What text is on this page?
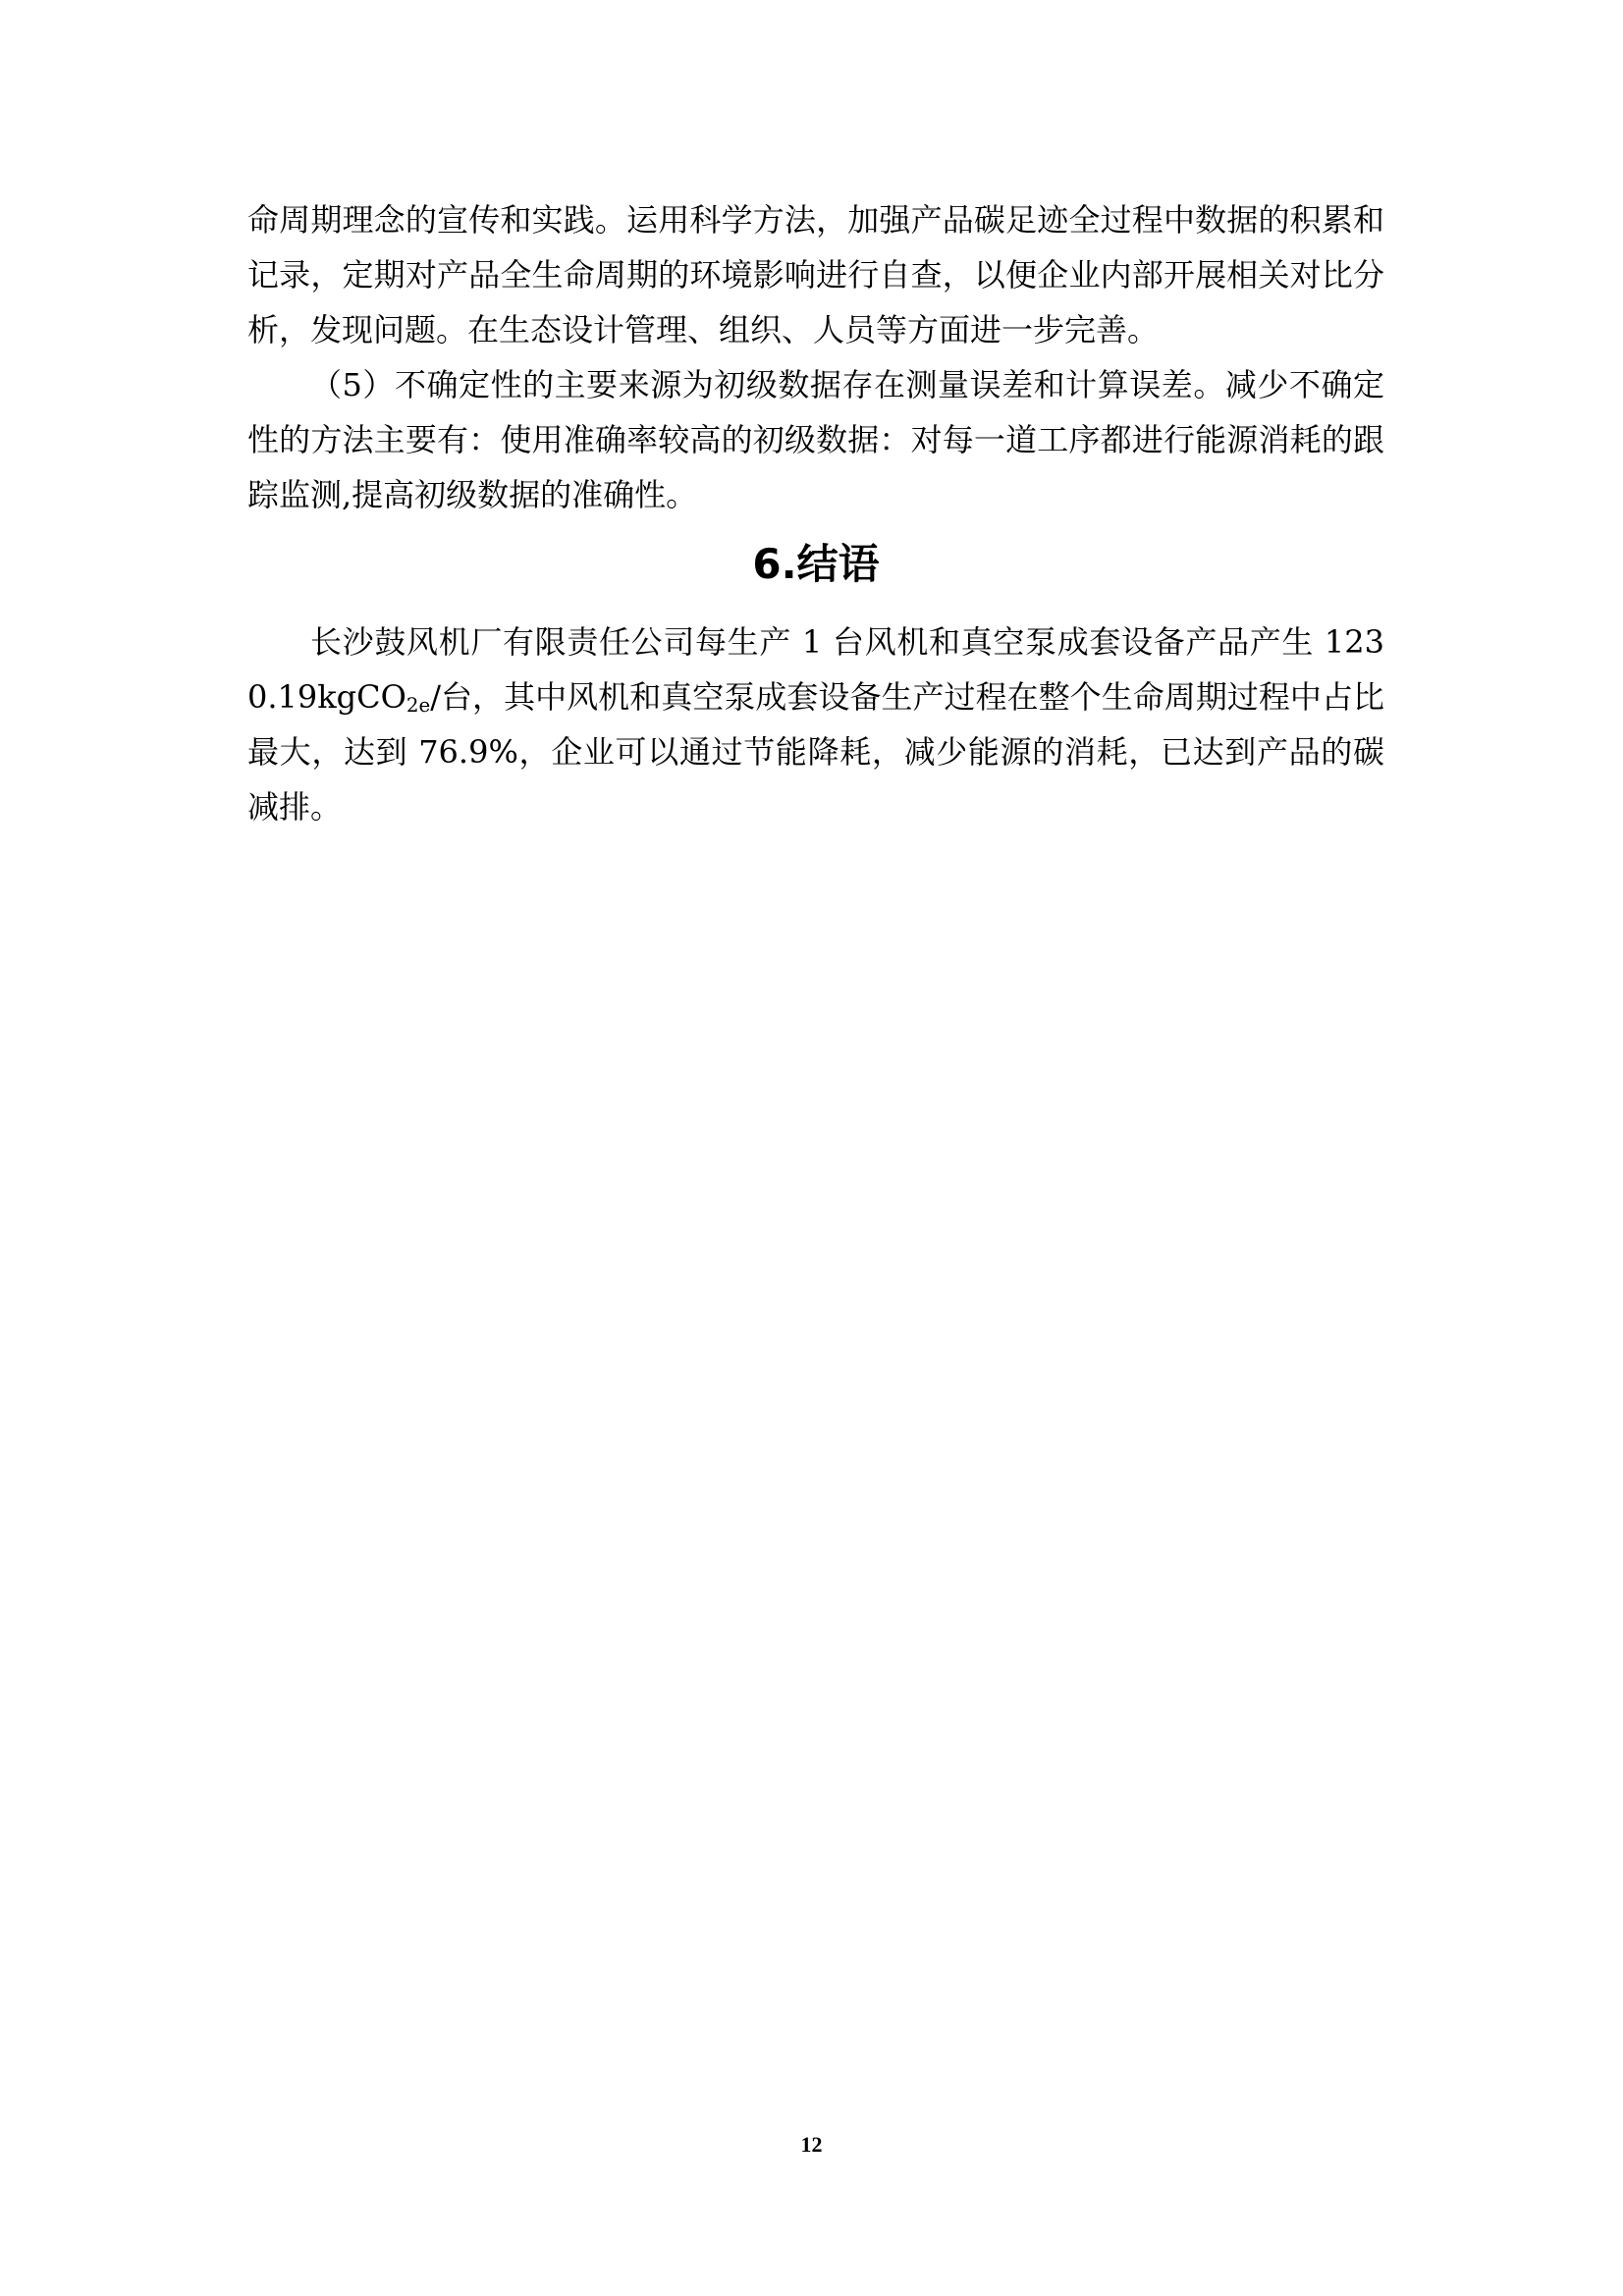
命周期理念的宣传和实践。运用科学方法，加强产品碳足迹全过程中数据的积累和记录，定期对产品全生命周期的环境影响进行自查，以便企业内部开展相关对比分析，发现问题。在生态设计管理、组织、人员等方面进一步完善。

（5）不确定性的主要来源为初级数据存在测量误差和计算误差。减少不确定性的方法主要有：使用准确率较高的初级数据：对每一道工序都进行能源消耗的跟踪监测,提高初级数据的准确性。

6.结语

长沙鼓风机厂有限责任公司每生产 1 台风机和真空泵成套设备产品产生 1230.19kgCO$_{2e}$/台，其中风机和真空泵成套设备生产过程在整个生命周期过程中占比最大，达到 76.9%，企业可以通过节能降耗，减少能源的消耗，已达到产品的碳减排。

12
